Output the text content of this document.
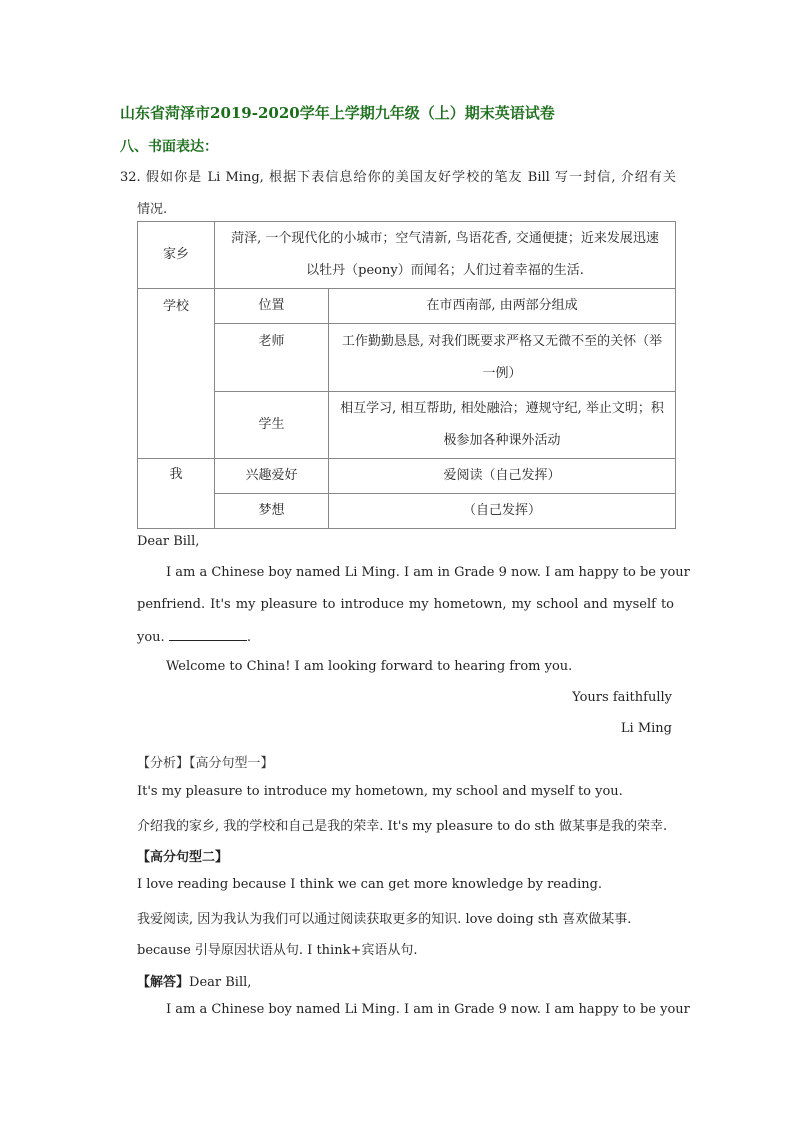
山东省菏泽市2019-2020学年上学期九年级（上）期末英语试卷
八、书面表达：
32. 假如你是 Li Ming, 根据下表信息给你的美国友好学校的笔友 Bill 写一封信, 介绍有关
情况.
家乡	菏泽, 一个现代化的小城市；空气清新, 鸟语花香, 交通便捷；近来发展迅速
以牡丹（peony）而闻名；人们过着幸福的生活.	

学校	位置	在市西南部, 由两部分组成
	老师	工作勤勤恳恳, 对我们既要求严格又无微不至的关怀（举
一例）

	学生	相互学习, 相互帮助, 相处融洽；遵规守纪, 举止文明；积
极参加各种课外活动

我	兴趣爱好	爱阅读（自己发挥）
	梦想	（自己发挥）
Dear Bill,
I am a Chinese boy named Li Ming. I am in Grade 9 now. I am happy to be your
penfriend. It's my pleasure to introduce my hometown, my school and myself to
you.	.
Welcome to China! I am looking forward to hearing from you.
Yours faithfully
Li Ming
【分析】【高分句型一】
It's my pleasure to introduce my hometown, my school and myself to you.
介绍我的家乡, 我的学校和自己是我的荣幸. It's my pleasure to do sth 做某事是我的荣幸.
【高分句型二】
I love reading because I think we can get more knowledge by reading.
我爱阅读, 因为我认为我们可以通过阅读获取更多的知识. love doing sth 喜欢做某事.
because 引导原因状语从句. I think+宾语从句.
【解答】Dear Bill,
I am a Chinese boy named Li Ming. I am in Grade 9 now. I am happy to be your
